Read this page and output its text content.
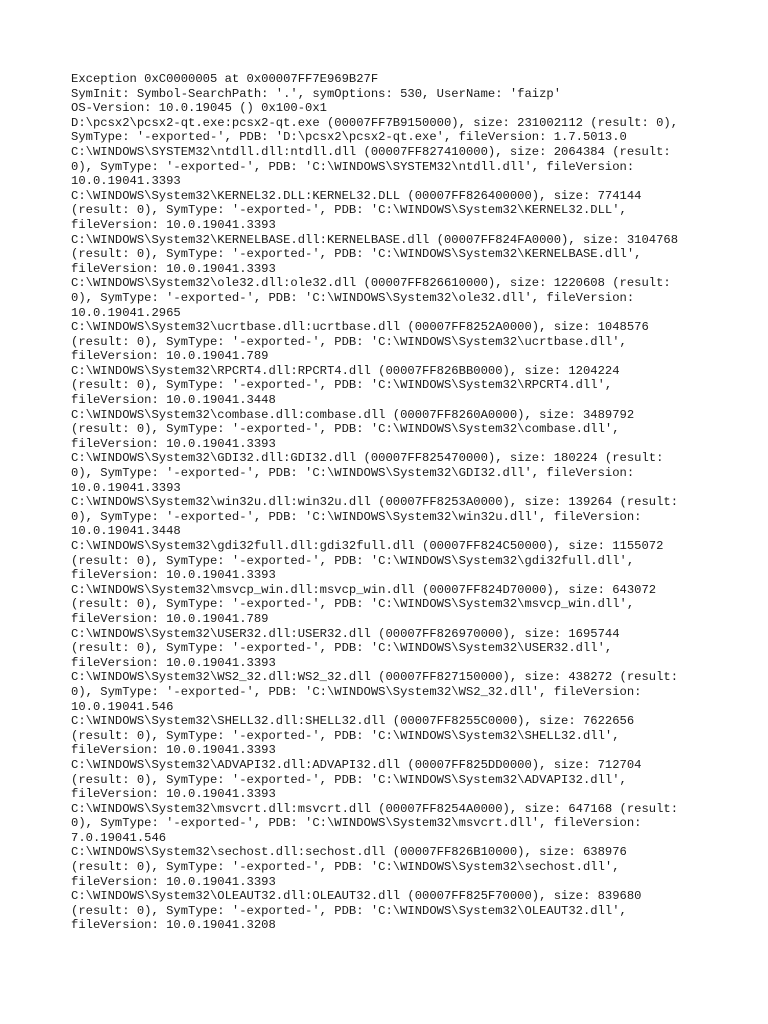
Exception 0xC0000005 at 0x00007FF7E969B27F
SymInit: Symbol-SearchPath: '.', symOptions: 530, UserName: 'faizp'
OS-Version: 10.0.19045 () 0x100-0x1
D:\pcsx2\pcsx2-qt.exe:pcsx2-qt.exe (00007FF7B9150000), size: 231002112 (result: 0),
SymType: '-exported-', PDB: 'D:\pcsx2\pcsx2-qt.exe', fileVersion: 1.7.5013.0
C:\WINDOWS\SYSTEM32\ntdll.dll:ntdll.dll (00007FF827410000), size: 2064384 (result:
0), SymType: '-exported-', PDB: 'C:\WINDOWS\SYSTEM32\ntdll.dll', fileVersion:
10.0.19041.3393
C:\WINDOWS\System32\KERNEL32.DLL:KERNEL32.DLL (00007FF826400000), size: 774144
(result: 0), SymType: '-exported-', PDB: 'C:\WINDOWS\System32\KERNEL32.DLL',
fileVersion: 10.0.19041.3393
C:\WINDOWS\System32\KERNELBASE.dll:KERNELBASE.dll (00007FF824FA0000), size: 3104768
(result: 0), SymType: '-exported-', PDB: 'C:\WINDOWS\System32\KERNELBASE.dll',
fileVersion: 10.0.19041.3393
C:\WINDOWS\System32\ole32.dll:ole32.dll (00007FF826610000), size: 1220608 (result:
0), SymType: '-exported-', PDB: 'C:\WINDOWS\System32\ole32.dll', fileVersion:
10.0.19041.2965
C:\WINDOWS\System32\ucrtbase.dll:ucrtbase.dll (00007FF8252A0000), size: 1048576
(result: 0), SymType: '-exported-', PDB: 'C:\WINDOWS\System32\ucrtbase.dll',
fileVersion: 10.0.19041.789
C:\WINDOWS\System32\RPCRT4.dll:RPCRT4.dll (00007FF826BB0000), size: 1204224
(result: 0), SymType: '-exported-', PDB: 'C:\WINDOWS\System32\RPCRT4.dll',
fileVersion: 10.0.19041.3448
C:\WINDOWS\System32\combase.dll:combase.dll (00007FF8260A0000), size: 3489792
(result: 0), SymType: '-exported-', PDB: 'C:\WINDOWS\System32\combase.dll',
fileVersion: 10.0.19041.3393
C:\WINDOWS\System32\GDI32.dll:GDI32.dll (00007FF825470000), size: 180224 (result:
0), SymType: '-exported-', PDB: 'C:\WINDOWS\System32\GDI32.dll', fileVersion:
10.0.19041.3393
C:\WINDOWS\System32\win32u.dll:win32u.dll (00007FF8253A0000), size: 139264 (result:
0), SymType: '-exported-', PDB: 'C:\WINDOWS\System32\win32u.dll', fileVersion:
10.0.19041.3448
C:\WINDOWS\System32\gdi32full.dll:gdi32full.dll (00007FF824C50000), size: 1155072
(result: 0), SymType: '-exported-', PDB: 'C:\WINDOWS\System32\gdi32full.dll',
fileVersion: 10.0.19041.3393
C:\WINDOWS\System32\msvcp_win.dll:msvcp_win.dll (00007FF824D70000), size: 643072
(result: 0), SymType: '-exported-', PDB: 'C:\WINDOWS\System32\msvcp_win.dll',
fileVersion: 10.0.19041.789
C:\WINDOWS\System32\USER32.dll:USER32.dll (00007FF826970000), size: 1695744
(result: 0), SymType: '-exported-', PDB: 'C:\WINDOWS\System32\USER32.dll',
fileVersion: 10.0.19041.3393
C:\WINDOWS\System32\WS2_32.dll:WS2_32.dll (00007FF827150000), size: 438272 (result:
0), SymType: '-exported-', PDB: 'C:\WINDOWS\System32\WS2_32.dll', fileVersion:
10.0.19041.546
C:\WINDOWS\System32\SHELL32.dll:SHELL32.dll (00007FF8255C0000), size: 7622656
(result: 0), SymType: '-exported-', PDB: 'C:\WINDOWS\System32\SHELL32.dll',
fileVersion: 10.0.19041.3393
C:\WINDOWS\System32\ADVAPI32.dll:ADVAPI32.dll (00007FF825DD0000), size: 712704
(result: 0), SymType: '-exported-', PDB: 'C:\WINDOWS\System32\ADVAPI32.dll',
fileVersion: 10.0.19041.3393
C:\WINDOWS\System32\msvcrt.dll:msvcrt.dll (00007FF8254A0000), size: 647168 (result:
0), SymType: '-exported-', PDB: 'C:\WINDOWS\System32\msvcrt.dll', fileVersion:
7.0.19041.546
C:\WINDOWS\System32\sechost.dll:sechost.dll (00007FF826B10000), size: 638976
(result: 0), SymType: '-exported-', PDB: 'C:\WINDOWS\System32\sechost.dll',
fileVersion: 10.0.19041.3393
C:\WINDOWS\System32\OLEAUT32.dll:OLEAUT32.dll (00007FF825F70000), size: 839680
(result: 0), SymType: '-exported-', PDB: 'C:\WINDOWS\System32\OLEAUT32.dll',
fileVersion: 10.0.19041.3208
